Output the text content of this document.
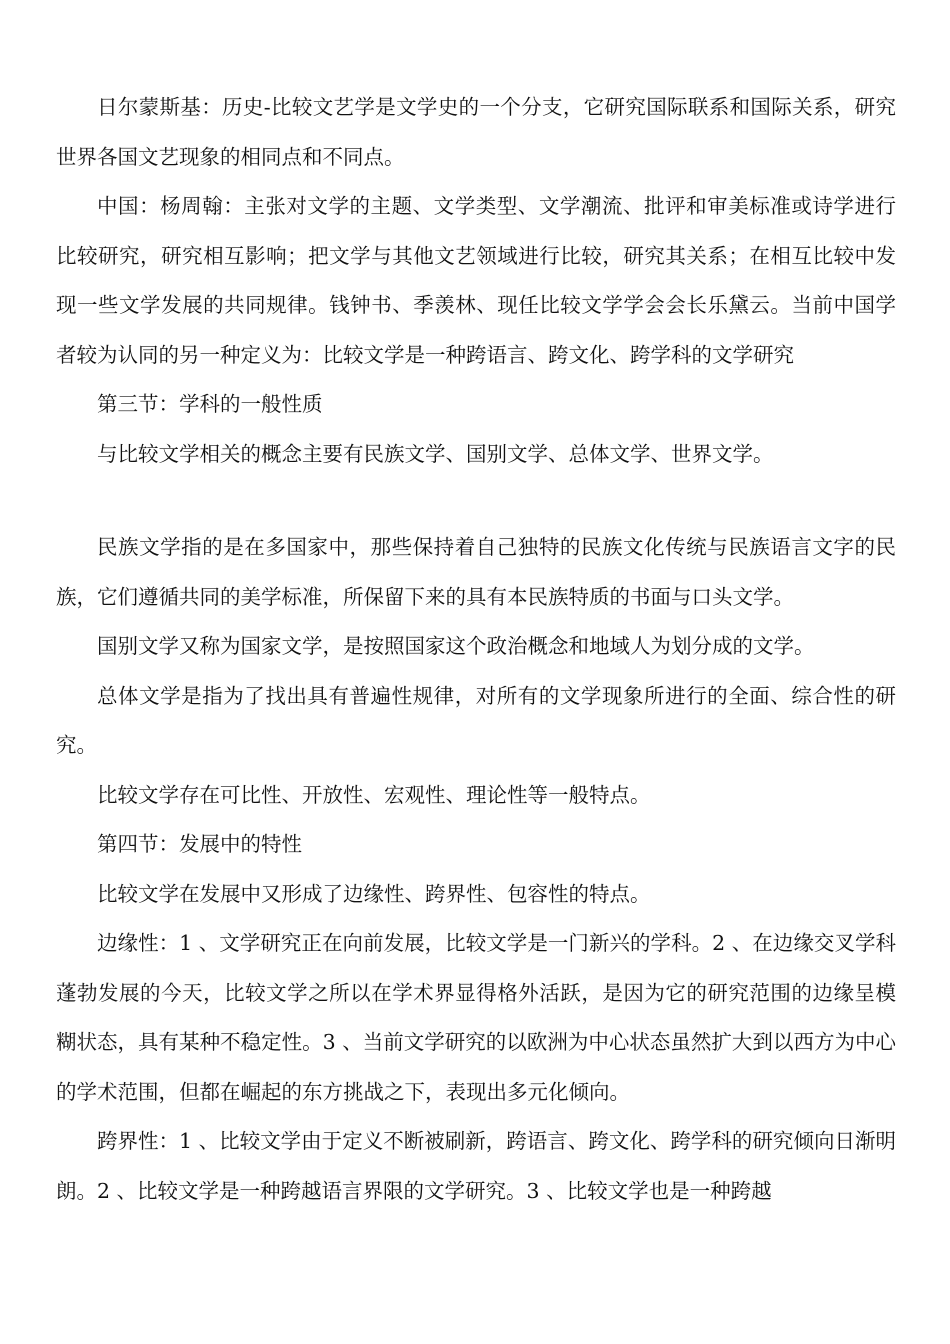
日尔蒙斯基：历史-比较文艺学是文学史的一个分支，它研究国际联系和国际关系，研究世界各国文艺现象的相同点和不同点。

中国：杨周翰：主张对文学的主题、文学类型、文学潮流、批评和审美标准或诗学进行比较研究，研究相互影响；把文学与其他文艺领域进行比较，研究其关系；在相互比较中发现一些文学发展的共同规律。钱钟书、季羡林、现任比较文学学会会长乐黛云。当前中国学者较为认同的另一种定义为：比较文学是一种跨语言、跨文化、跨学科的文学研究

第三节：学科的一般性质

与比较文学相关的概念主要有民族文学、国别文学、总体文学、世界文学。

民族文学指的是在多国家中，那些保持着自己独特的民族文化传统与民族语言文字的民族，它们遵循共同的美学标准，所保留下来的具有本民族特质的书面与口头文学。

国别文学又称为国家文学，是按照国家这个政治概念和地域人为划分成的文学。

总体文学是指为了找出具有普遍性规律，对所有的文学现象所进行的全面、综合性的研究。

比较文学存在可比性、开放性、宏观性、理论性等一般特点。

第四节：发展中的特性

比较文学在发展中又形成了边缘性、跨界性、包容性的特点。

边缘性：1 、文学研究正在向前发展，比较文学是一门新兴的学科。2 、在边缘交叉学科蓬勃发展的今天，比较文学之所以在学术界显得格外活跃，是因为它的研究范围的边缘呈模糊状态，具有某种不稳定性。3 、当前文学研究的以欧洲为中心状态虽然扩大到以西方为中心的学术范围，但都在崛起的东方挑战之下，表现出多元化倾向。

跨界性：1 、比较文学由于定义不断被刷新，跨语言、跨文化、跨学科的研究倾向日渐明朗。2 、比较文学是一种跨越语言界限的文学研究。3 、比较文学也是一种跨越
